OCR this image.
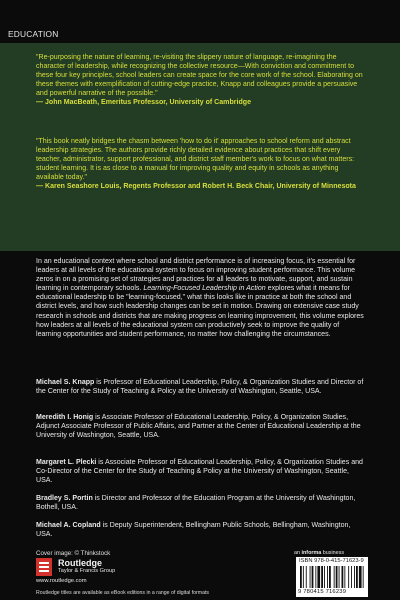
EDUCATION
"Re-purposing the nature of learning, re-visiting the slippery nature of language, re-imagining the character of leadership, while recognizing the collective resource—With conviction and commitment to these four key principles, school leaders can create space for the core work of the school. Elaborating on these themes with exemplification of cutting-edge practice, Knapp and colleagues provide a persuasive and powerful narrative of the possible."
— John MacBeath, Emeritus Professor, University of Cambridge
"This book neatly bridges the chasm between 'how to do it' approaches to school reform and abstract leadership strategies. The authors provide richly detailed evidence about practices that shift every teacher, administrator, support professional, and district staff member's work to focus on what matters: student learning. It is as close to a manual for improving quality and equity in schools as anything available today."
— Karen Seashore Louis, Regents Professor and Robert H. Beck Chair, University of Minnesota
In an educational context where school and district performance is of increasing focus, it's essential for leaders at all levels of the educational system to focus on improving student performance. This volume zeros in on a promising set of strategies and practices for all leaders to motivate, support, and sustain learning in contemporary schools. Learning-Focused Leadership in Action explores what it means for educational leadership to be "learning-focused," what this looks like in practice at both the school and district levels, and how such leadership changes can be set in motion. Drawing on extensive case study research in schools and districts that are making progress on learning improvement, this volume explores how leaders at all levels of the educational system can productively seek to improve the quality of learning opportunities and student performance, no matter how challenging the circumstances.
Michael S. Knapp is Professor of Educational Leadership, Policy, & Organization Studies and Director of the Center for the Study of Teaching & Policy at the University of Washington, Seattle, USA.
Meredith I. Honig is Associate Professor of Educational Leadership, Policy, & Organization Studies, Adjunct Associate Professor of Public Affairs, and Partner at the Center of Educational Leadership at the University of Washington, Seattle, USA.
Margaret L. Plecki is Associate Professor of Educational Leadership, Policy, & Organization Studies and Co-Director of the Center for the Study of Teaching & Policy at the University of Washington, Seattle, USA.
Bradley S. Portin is Director and Professor of the Education Program at the University of Washington, Bothell, USA.
Michael A. Copland is Deputy Superintendent, Bellingham Public Schools, Bellingham, Washington, USA.
Cover image: © Thinkstock	an informa business
Routledge
Taylor & Francis Group
www.routledge.com
Routledge titles are available as eBook editions in a range of digital formats
ISBN 978-0-415-71623-9
9 780415 716239
